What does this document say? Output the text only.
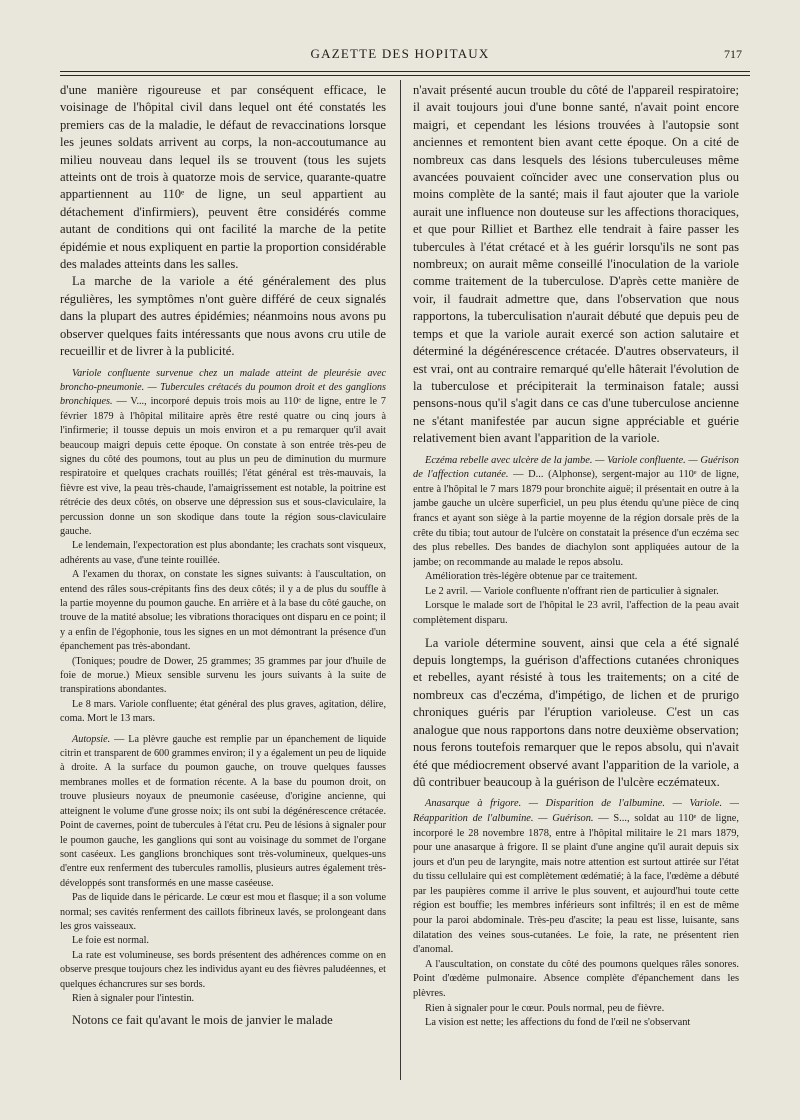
GAZETTE DES HOPITAUX	717

d'une manière rigoureuse et par conséquent efficace, le voisinage de l'hôpital civil dans lequel ont été constatés les premiers cas de la maladie, le défaut de revaccinations lorsque les jeunes soldats arrivent au corps, la non-accoutumance au milieu nouveau dans lequel ils se trouvent (tous les sujets atteints ont de trois à quatorze mois de service, quarante-quatre appartiennent au 110ᵉ de ligne, un seul appartient au détachement d'infirmiers), peuvent être considérés comme autant de conditions qui ont facilité la marche de la petite épidémie et nous expliquent en partie la proportion considérable des malades atteints dans les salles.

La marche de la variole a été généralement des plus régulières, les symptômes n'ont guère différé de ceux signalés dans la plupart des autres épidémies; néanmoins nous avons pu observer quelques faits intéressants que nous avons cru utile de recueillir et de livrer à la publicité.

Variole confluente survenue chez un malade atteint de pleurésie avec broncho-pneumonie. — Tubercules crétacés du poumon droit et des ganglions bronchiques. — V..., incorporé depuis trois mois au 110ᵉ de ligne, entre le 7 février 1879 à l'hôpital militaire après être resté quatre ou cinq jours à l'infirmerie; il tousse depuis un mois environ et a pu remarquer qu'il avait beaucoup maigri depuis cette époque. On constate à son entrée très-peu de signes du côté des poumons, tout au plus un peu de diminution du murmure respiratoire et quelques crachats rouillés; l'état général est très-mauvais, la fièvre est vive, la peau très-chaude, l'amaigrissement est notable, la poitrine est rétrécie des deux côtés, on observe une dépression sus et sous-claviculaire, la percussion donne un son skodique dans toute la région sous-claviculaire gauche.

Le lendemain, l'expectoration est plus abondante; les crachats sont visqueux, adhérents au vase, d'une teinte rouillée.

A l'examen du thorax, on constate les signes suivants: à l'auscultation, on entend des râles sous-crépitants fins des deux côtés; il y a de plus du souffle à la partie moyenne du poumon gauche. En arrière et à la base du côté gauche, on trouve de la matité absolue; les vibrations thoraciques ont disparu en ce point; il y a enfin de l'égophonie, tous les signes en un mot démontrant la présence d'un épanchement pas très-abondant.

(Toniques; poudre de Dower, 25 grammes; 35 grammes par jour d'huile de foie de morue.) Mieux sensible survenu les jours suivants à la suite de transpirations abondantes.

Le 8 mars. Variole confluente; état général des plus graves, agitation, délire, coma. Mort le 13 mars.

Autopsie. — La plèvre gauche est remplie par un épanchement de liquide citrin et transparent de 600 grammes environ; il y a également un peu de liquide à droite. A la surface du poumon gauche, on trouve quelques fausses membranes molles et de formation récente. A la base du poumon droit, on trouve plusieurs noyaux de pneumonie caséeuse, d'origine ancienne, qui atteignent le volume d'une grosse noix; ils ont subi la dégénérescence crétacée. Point de cavernes, point de tubercules à l'état cru. Peu de lésions à signaler pour le poumon gauche, les ganglions qui sont au voisinage du sommet de l'organe sont caséeux. Les ganglions bronchiques sont très-volumineux, quelques-uns d'entre eux renferment des tubercules ramollis, plusieurs autres également très-développés sont transformés en une masse caséeuse.

Pas de liquide dans le péricarde. Le cœur est mou et flasque; il a son volume normal; ses cavités renferment des caillots fibrineux lavés, se prolongeant dans les gros vaisseaux.

Le foie est normal.

La rate est volumineuse, ses bords présentent des adhérences comme on en observe presque toujours chez les individus ayant eu des fièvres paludéennes, et quelques échancrures sur ses bords.

Rien à signaler pour l'intestin.

Notons ce fait qu'avant le mois de janvier le malade

n'avait présenté aucun trouble du côté de l'appareil respiratoire; il avait toujours joui d'une bonne santé, n'avait point encore maigri, et cependant les lésions trouvées à l'autopsie sont anciennes et remontent bien avant cette époque. On a cité de nombreux cas dans lesquels des lésions tuberculeuses même avancées pouvaient coïncider avec une conservation plus ou moins complète de la santé; mais il faut ajouter que la variole aurait une influence non douteuse sur les affections thoraciques, et que pour Rilliet et Barthez elle tendrait à faire passer les tubercules à l'état crétacé et à les guérir lorsqu'ils ne sont pas nombreux; on aurait même conseillé l'inoculation de la variole comme traitement de la tuberculose. D'après cette manière de voir, il faudrait admettre que, dans l'observation que nous rapportons, la tuberculisation n'aurait débuté que depuis peu de temps et que la variole aurait exercé son action salutaire et déterminé la dégénérescence crétacée. D'autres observateurs, il est vrai, ont au contraire remarqué qu'elle hâterait l'évolution de la tuberculose et précipiterait la terminaison fatale; aussi pensons-nous qu'il s'agit dans ce cas d'une tuberculose ancienne ne s'étant manifestée par aucun signe appréciable et guérie relativement bien avant l'apparition de la variole.

Eczéma rebelle avec ulcère de la jambe. — Variole confluente. — Guérison de l'affection cutanée. — D... (Alphonse), sergent-major au 110ᵉ de ligne, entre à l'hôpital le 7 mars 1879 pour bronchite aiguë; il présentait en outre à la jambe gauche un ulcère superficiel, un peu plus étendu qu'une pièce de cinq francs et ayant son siège à la partie moyenne de la région dorsale près de la crête du tibia; tout autour de l'ulcère on constatait la présence d'un eczéma sec des plus rebelles. Des bandes de diachylon sont appliquées autour de la jambe; on recommande au malade le repos absolu.

Amélioration très-légère obtenue par ce traitement.

Le 2 avril. — Variole confluente n'offrant rien de particulier à signaler.

Lorsque le malade sort de l'hôpital le 23 avril, l'affection de la peau avait complètement disparu.

La variole détermine souvent, ainsi que cela a été signalé depuis longtemps, la guérison d'affections cutanées chroniques et rebelles, ayant résisté à tous les traitements; on a cité de nombreux cas d'eczéma, d'impétigo, de lichen et de prurigo chroniques guéris par l'éruption varioleuse. C'est un cas analogue que nous rapportons dans notre deuxième observation; nous ferons toutefois remarquer que le repos absolu, qui n'avait été que médiocrement observé avant l'apparition de la variole, a dû contribuer beaucoup à la guérison de l'ulcère eczémateux.

Anasarque à frigore. — Disparition de l'albumine. — Variole. — Réapparition de l'albumine. — Guérison. — S..., soldat au 110ᵉ de ligne, incorporé le 28 novembre 1878, entre à l'hôpital militaire le 21 mars 1879, pour une anasarque à frigore. Il se plaint d'une angine qu'il aurait depuis six jours et d'un peu de laryngite, mais notre attention est surtout attirée sur l'état du tissu cellulaire qui est complètement œdématié; à la face, l'œdème a débuté par les paupières comme il arrive le plus souvent, et aujourd'hui toute cette région est bouffie; les membres inférieurs sont infiltrés; il en est de même pour la paroi abdominale. Très-peu d'ascite; la peau est lisse, luisante, sans dilatation des veines sous-cutanées. Le foie, la rate, ne présentent rien d'anomal.

A l'auscultation, on constate du côté des poumons quelques râles sonores. Point d'œdème pulmonaire. Absence complète d'épanchement dans les plèvres.

Rien à signaler pour le cœur. Pouls normal, peu de fièvre.

La vision est nette; les affections du fond de l'œil ne s'observant
